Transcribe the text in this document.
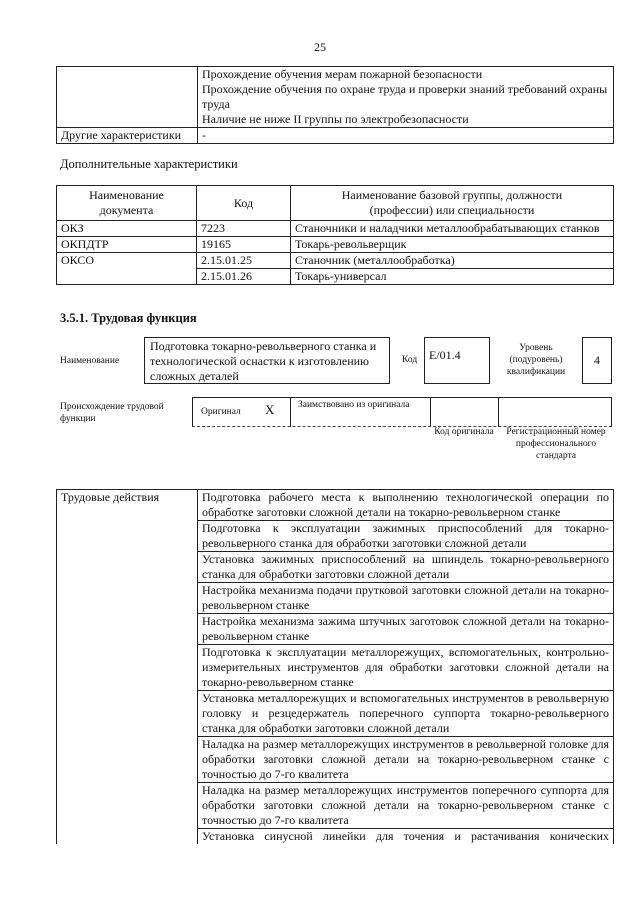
25

	Прохождение обучения мерам пожарной безопасности
Прохождение обучения по охране труда и проверки знаний требований охраны труда
Наличие не ниже II группы по электробезопасности

Другие характеристики	-
Дополнительные характеристики
Наименование документа	Код	Наименование базовой группы, должности (профессии) или специальности
ОКЗ	7223	Станочники и наладчики металлообрабатывающих станков
ОКПДТР	19165	Токарь-револьверщик
ОКСО	2.15.01.25	Станочник (металлообработка)
	2.15.01.26	Токарь-универсал
3.5.1. Трудовая функция
Наименование
Подготовка токарно-револьверного станка и технологической оснастки к изготовлению сложных деталей
Код E/01.4	Уровень (подуровень) квалификации
4
Происхождение трудовой функции
Оригинал X Заимствовано из оригинала
Код оригинала	Регистрационный номер профессионального стандарта
Трудовые действия	Подготовка рабочего места к выполнению технологической операции по обработке заготовки сложной детали на токарно-револьверном станке
Подготовка к эксплуатации зажимных приспособлений для токарно-револьверного станка для обработки заготовки сложной детали
Установка зажимных приспособлений на шпиндель токарно-револьверного станка для обработки заготовки сложной детали
Настройка механизма подачи прутковой заготовки сложной детали на токарно-револьверном станке
Настройка механизма зажима штучных заготовок сложной детали на токарно-револьверном станке
Подготовка к эксплуатации металлорежущих, вспомогательных, контрольно-измерительных инструментов для обработки заготовки сложной детали на токарно-револьверном станке
Установка металлорежущих и вспомогательных инструментов в револьверную головку и резцедержатель поперечного суппорта токарно-револьверного станка для обработки заготовки сложной детали
Наладка на размер металлорежущих инструментов в револьверной головке для обработки заготовки сложной детали на токарно-револьверном станке с точностью до 7-го квалитета
Наладка на размер металлорежущих инструментов поперечного суппорта для обработки заготовки сложной детали на токарно-револьверном станке с точностью до 7-го квалитета
Установка синусной линейки для точения и растачивания конических
